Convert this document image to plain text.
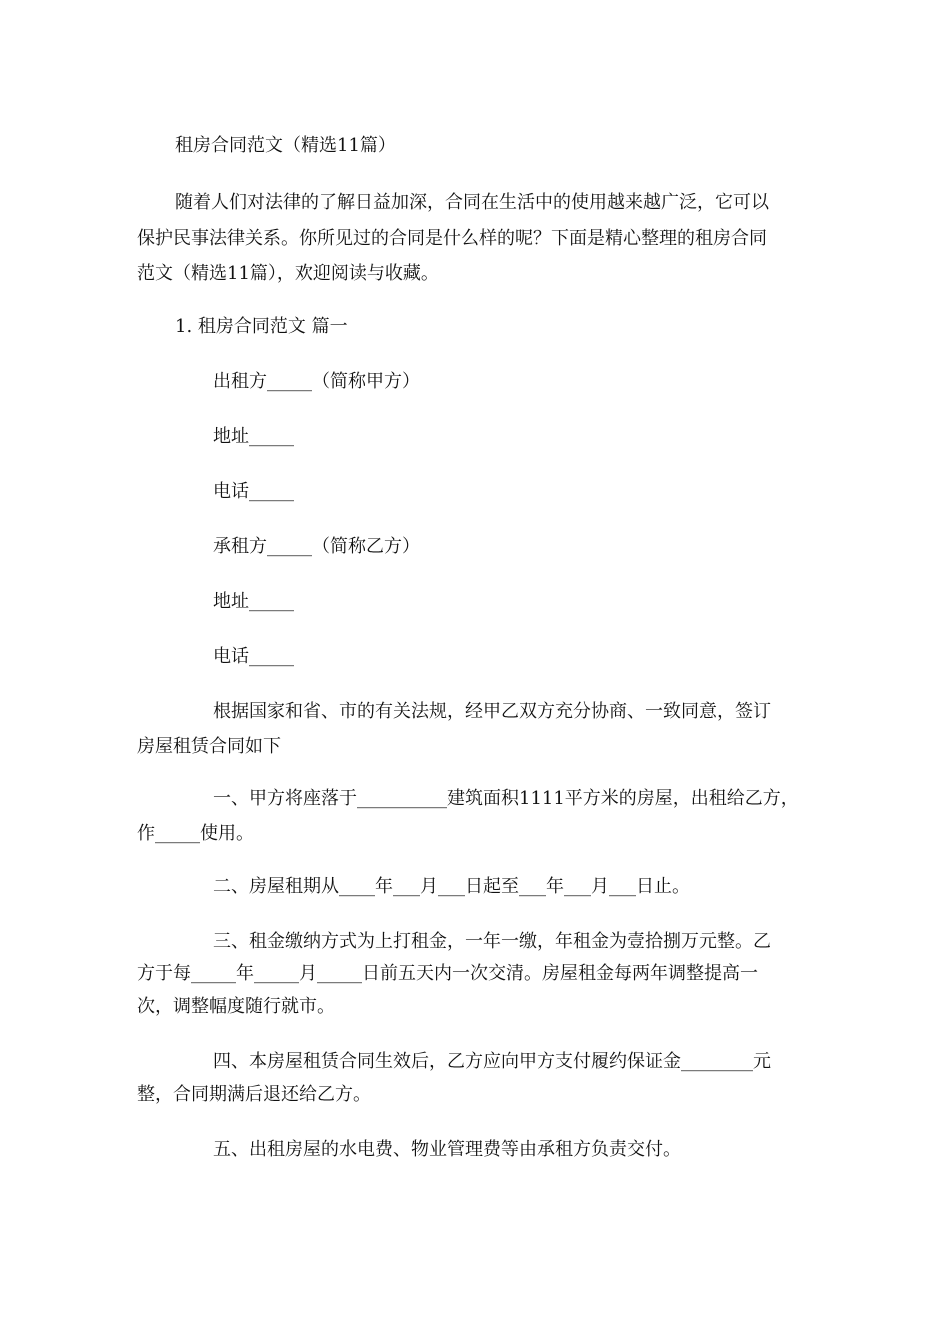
租房合同范文（精选11篇）
随着人们对法律的了解日益加深，合同在生活中的使用越来越广泛，它可以
保护民事法律关系。你所见过的合同是什么样的呢？下面是精心整理的租房合同
范文（精选11篇），欢迎阅读与收藏。
1. 租房合同范文 篇一
出租方_____（简称甲方）
地址_____
电话_____
承租方_____（简称乙方）
地址_____
电话_____
根据国家和省、市的有关法规，经甲乙双方充分协商、一致同意，签订
房屋租赁合同如下
一、甲方将座落于__________建筑面积1111平方米的房屋，出租给乙方，
作_____使用。
二、房屋租期从____年___月___日起至___年___月___日止。
三、租金缴纳方式为上打租金，一年一缴，年租金为壹拾捌万元整。乙
方于每_____年_____月_____日前五天内一次交清。房屋租金每两年调整提高一
次，调整幅度随行就市。
四、本房屋租赁合同生效后，乙方应向甲方支付履约保证金________元
整，合同期满后退还给乙方。
五、出租房屋的水电费、物业管理费等由承租方负责交付。
